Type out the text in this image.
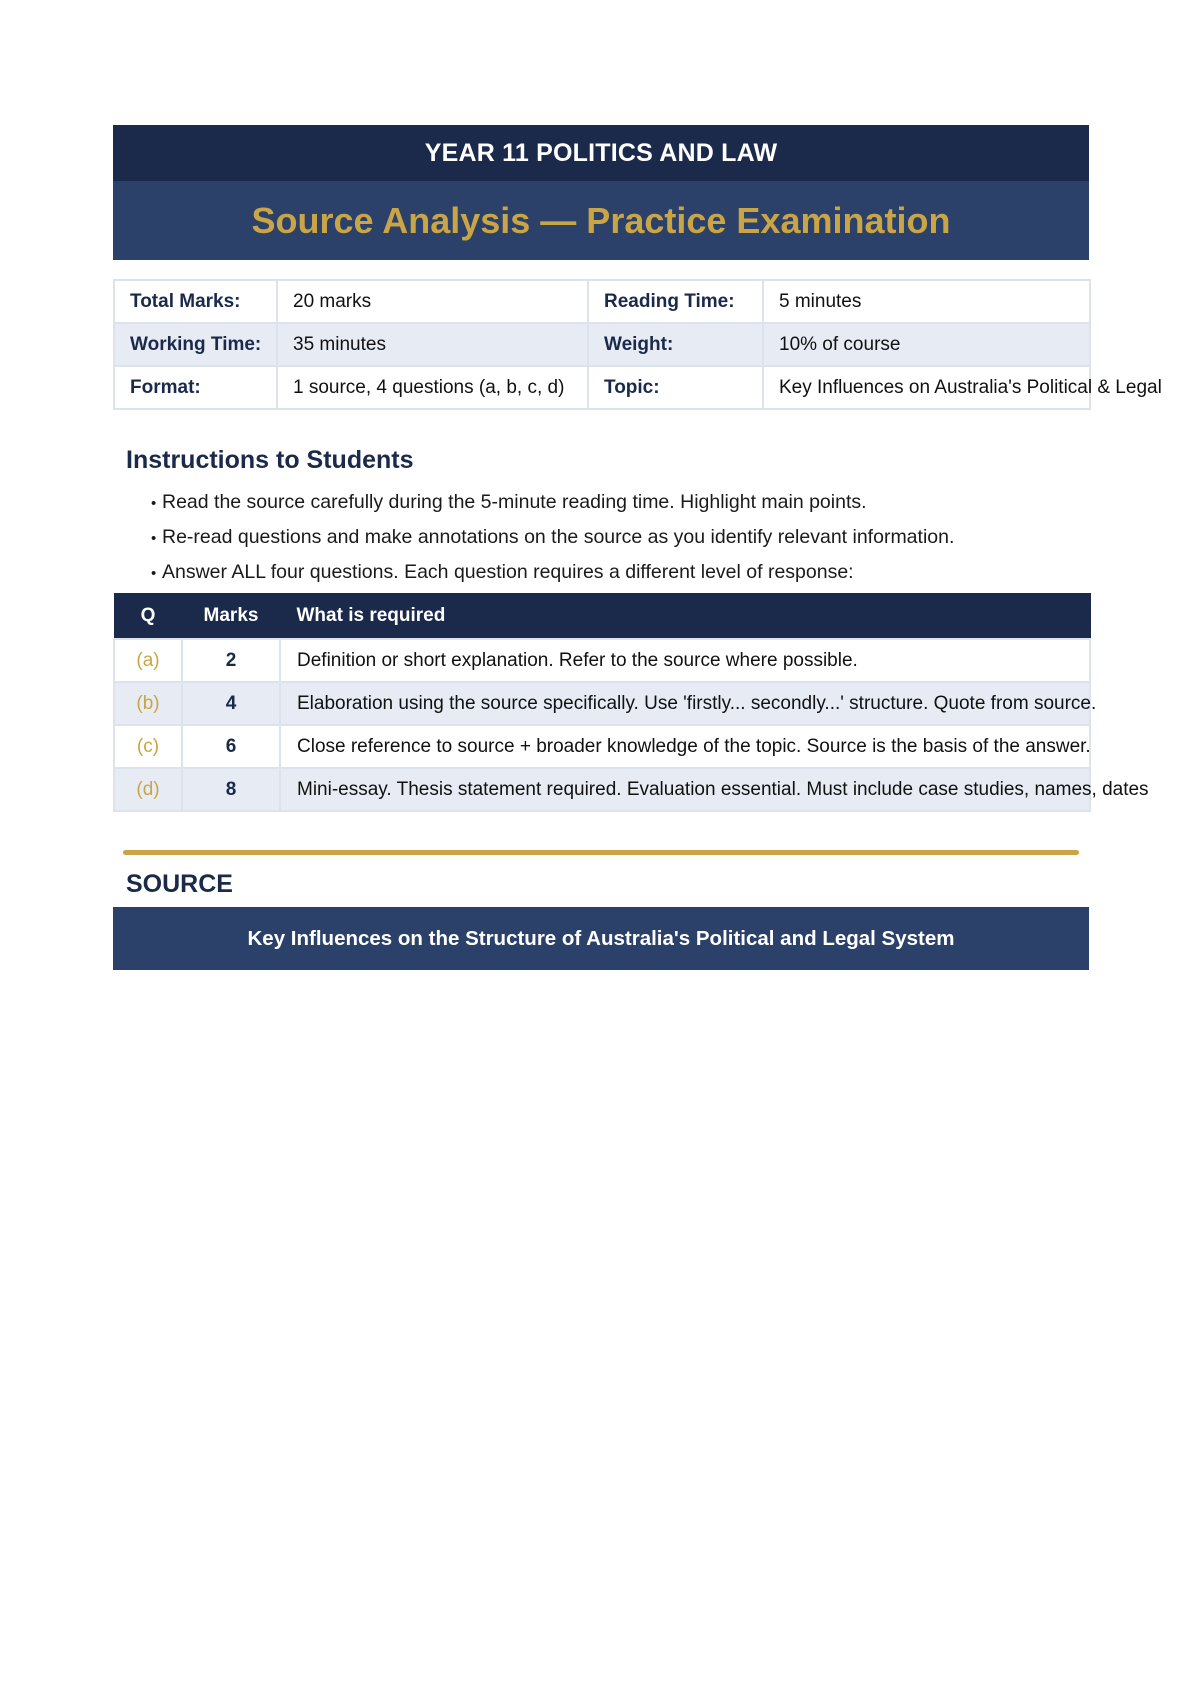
YEAR 11 POLITICS AND LAW
Source Analysis — Practice Examination
Total Marks:	20 marks	Reading Time:	5 minutes
Working Time:	35 minutes	Weight:	10% of course
Format:	1 source, 4 questions (a, b, c, d)	Topic:	Key Influences on Australia's Political & Legal
Instructions to Students
• Read the source carefully during the 5-minute reading time. Highlight main points.
• Re-read questions and make annotations on the source as you identify relevant information.
• Answer ALL four questions. Each question requires a different level of response:
Q	Marks	What is required
(a)	2	Definition or short explanation. Refer to the source where possible.
(b)	4	Elaboration using the source specifically. Use 'firstly... secondly...' structure. Quote from source.
(c)	6	Close reference to source + broader knowledge of the topic. Source is the basis of the answer.
(d)	8	Mini-essay. Thesis statement required. Evaluation essential. Must include case studies, names, dates
SOURCE
Key Influences on the Structure of Australia's Political and Legal System
